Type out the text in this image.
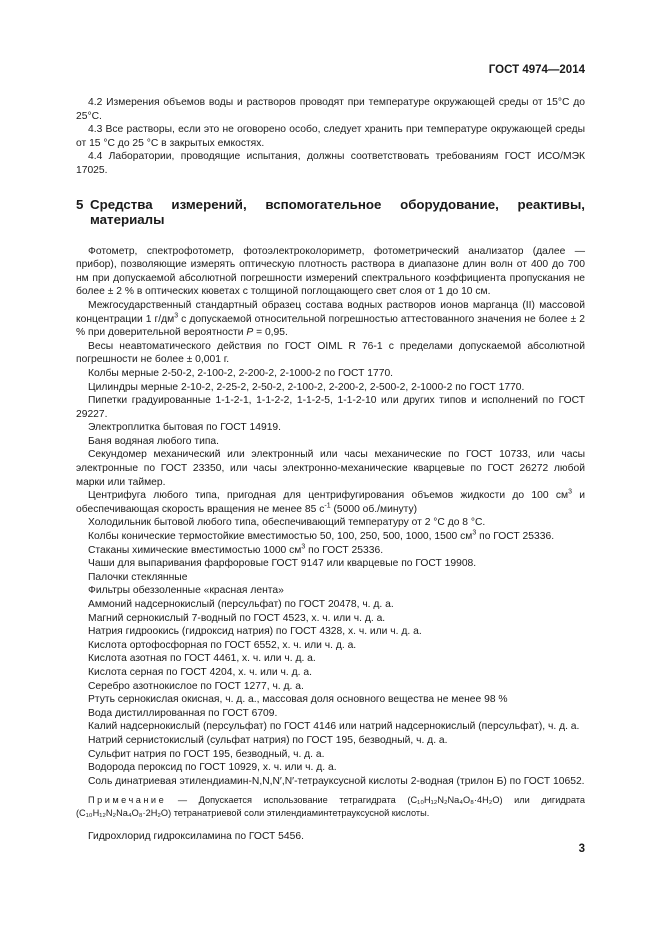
ГОСТ 4974—2014

4.2 Измерения объемов воды и растворов проводят при температуре окружающей среды от 15°С до 25°С.

4.3 Все растворы, если это не оговорено особо, следует хранить при температуре окружающей среды от 15 °С до 25 °С в закрытых емкостях.

4.4 Лаборатории, проводящие испытания, должны соответствовать требованиям ГОСТ ИСО/МЭК 17025.

5 Средства измерений, вспомогательное оборудование, реактивы, материалы

Фотометр, спектрофотометр, фотоэлектроколориметр, фотометрический анализатор (далее — прибор), позволяющие измерять оптическую плотность раствора в диапазоне длин волн от 400 до 700 нм при допускаемой абсолютной погрешности измерений спектрального коэффициента пропускания не более ± 2 % в оптических кюветах с толщиной поглощающего свет слоя от 1 до 10 см.

Межгосударственный стандартный образец состава водных растворов ионов марганца (II) массовой концентрации 1 $г/дм^3$ с допускаемой относительной погрешностью аттестованного значения не более ± 2 % при доверительной вероятности P = 0,95.

Весы неавтоматического действия по ГОСТ OIML R 76-1 с пределами допускаемой абсолютной погрешности не более ± 0,001 г.

Колбы мерные 2-50-2, 2-100-2, 2-200-2, 2-1000-2 по ГОСТ 1770.

Цилиндры мерные 2-10-2, 2-25-2, 2-50-2, 2-100-2, 2-200-2, 2-500-2, 2-1000-2 по ГОСТ 1770.

Пипетки градуированные 1-1-2-1, 1-1-2-2, 1-1-2-5, 1-1-2-10 или других типов и исполнений по ГОСТ 29227.

Электроплитка бытовая по ГОСТ 14919.

Баня водяная любого типа.

Секундомер механический или электронный или часы механические по ГОСТ 10733, или часы электронные по ГОСТ 23350, или часы электронно-механические кварцевые по ГОСТ 26272 любой марки или таймер.

Центрифуга любого типа, пригодная для центрифугирования объемов жидкости до 100 $см^3$ и обеспечивающая скорость вращения не менее 85 $с^{-1}$ (5000 об./минуту)

Холодильник бытовой любого типа, обеспечивающий температуру от 2 °С до 8 °С.

Колбы конические термостойкие вместимостью 50, 100, 250, 500, 1000, 1500 $см^3$ по ГОСТ 25336.

Стаканы химические вместимостью 1000 $см^3$ по ГОСТ 25336.

Чаши для выпаривания фарфоровые ГОСТ 9147 или кварцевые по ГОСТ 19908.

Палочки стеклянные

Фильтры обеззоленные «красная лента»

Аммоний надсернокислый (персульфат) по ГОСТ 20478, ч. д. а.

Магний сернокислый 7-водный по ГОСТ 4523, х. ч. или ч. д. а.

Натрия гидроокись (гидроксид натрия) по ГОСТ 4328, х. ч. или ч. д. а.

Кислота ортофосфорная по ГОСТ 6552, х. ч. или ч. д. а.

Кислота азотная по ГОСТ 4461, х. ч. или ч. д. а.

Кислота серная по ГОСТ 4204, х. ч. или ч. д. а.

Серебро азотнокислое по ГОСТ 1277, ч. д. а.

Ртуть сернокислая окисная, ч. д. а., массовая доля основного вещества не менее 98 %

Вода дистиллированная по ГОСТ 6709.

Калий надсернокислый (персульфат) по ГОСТ 4146 или натрий надсернокислый (персульфат), ч. д. а.

Натрий сернистокислый (сульфат натрия) по ГОСТ 195, безводный, ч. д. а.

Сульфит натрия по ГОСТ 195, безводный, ч. д. а.

Водорода пероксид по ГОСТ 10929, х. ч. или ч. д. а.

Соль динатриевая этилендиамин-N,N,N′,N′-тетрауксусной кислоты 2-водная (трилон Б) по ГОСТ 10652.

Примечание — Допускается использование тетрагидрата (C₁₀H₁₂N₂Na₄O₈·4H₂O) или дигидрата (C₁₀H₁₂N₂Na₄O₈·2H₂O) тетранатриевой соли этилендиаминтетрауксусной кислоты.

Гидрохлорид гидроксиламина по ГОСТ 5456.

3
